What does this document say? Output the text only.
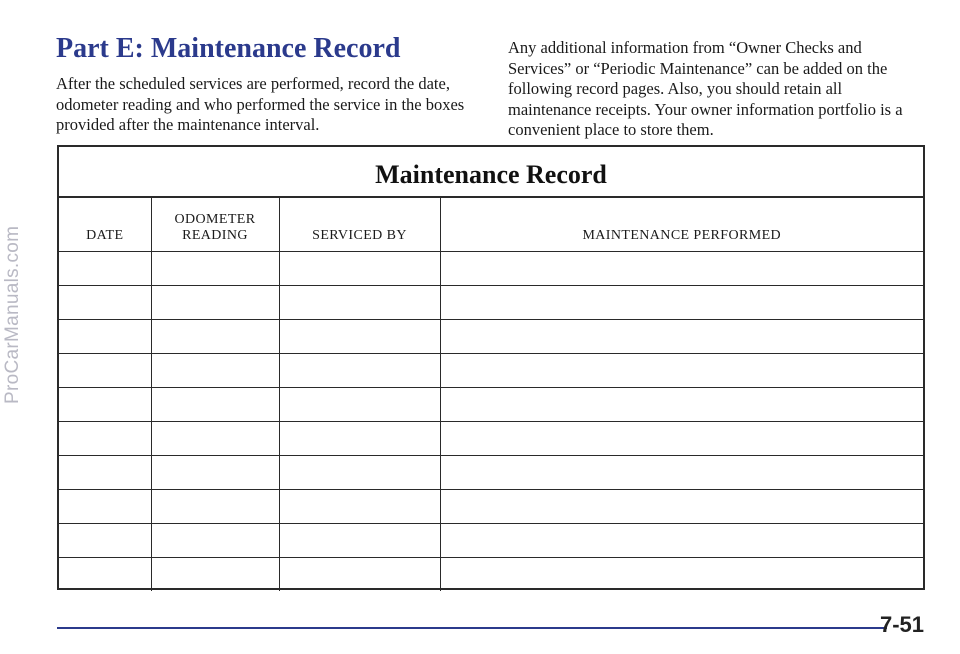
ProCarManuals.com
Part E: Maintenance Record

After the scheduled services are performed, record the date, odometer reading and who performed the service in the boxes provided after the maintenance interval.

Any additional information from “Owner Checks and Services” or “Periodic Maintenance” can be added on the following record pages. Also, you should retain all maintenance receipts. Your owner information portfolio is a convenient place to store them.

Maintenance Record
DATE	ODOMETER READING	SERVICED BY	MAINTENANCE PERFORMED

7-51
